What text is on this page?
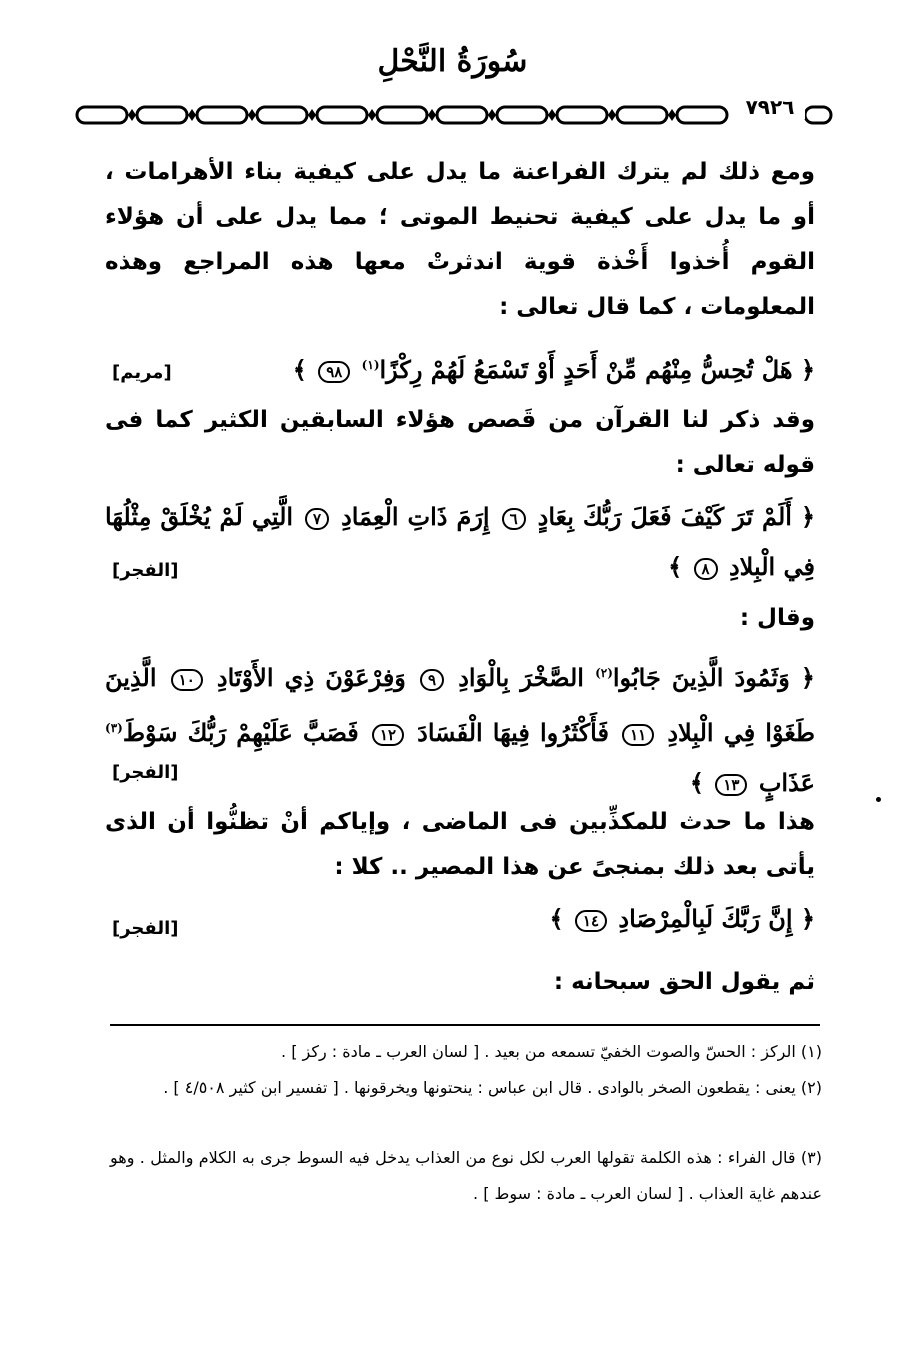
سُورَةُ النَّحْلِ
٧٩٢٦
ومع ذلك لم يترك الفراعنة ما يدل على كيفية بناء الأهرامات ، أو ما يدل على كيفية تحنيط الموتى ؛ مما يدل على أن هؤلاء القوم أُخذوا أَخْذة قوية اندثرتْ معها هذه المراجع وهذه المعلومات ، كما قال تعالى :
﴿ هَلْ تُحِسُّ مِنْهُم مِّنْ أَحَدٍ أَوْ تَسْمَعُ لَهُمْ رِكْزًا$^{(١)}$ ٩٨ ﴾
[مريم]
وقد ذكر لنا القرآن من قَصص هؤلاء السابقين الكثير كما فى قوله تعالى :
﴿ أَلَمْ تَرَ كَيْفَ فَعَلَ رَبُّكَ بِعَادٍ ٦ إِرَمَ ذَاتِ الْعِمَادِ ٧ الَّتِي لَمْ يُخْلَقْ مِثْلُهَا فِي الْبِلادِ ٨ ﴾
[الفجر]
وقال :
﴿ وَثَمُودَ الَّذِينَ جَابُوا$^{(٢)}$ الصَّخْرَ بِالْوَادِ ٩ وَفِرْعَوْنَ ذِي الأَوْتَادِ ١٠ الَّذِينَ طَغَوْا فِي الْبِلادِ ١١ فَأَكْثَرُوا فِيهَا الْفَسَادَ ١٢ فَصَبَّ عَلَيْهِمْ رَبُّكَ سَوْطَ$^{(٣)}$ عَذَابٍ ١٣ ﴾
[الفجر]
هذا ما حدث للمكذِّبين فى الماضى ، وإياكم أنْ تظنُّوا أن الذى يأتى بعد ذلك بمنجىً عن هذا المصير .. كلا :
﴿ إِنَّ رَبَّكَ لَبِالْمِرْصَادِ ١٤ ﴾
[الفجر]
ثم يقول الحق سبحانه :
(١) الركز : الحسّ والصوت الخفيّ تسمعه من بعيد . [ لسان العرب ـ مادة : ركز ] .
(٢) يعنى : يقطعون الصخر بالوادى . قال ابن عباس : ينحتونها ويخرقونها . [ تفسير ابن كثير ٤/٥٠٨ ] .
(٣) قال الفراء : هذه الكلمة تقولها العرب لكل نوع من العذاب يدخل فيه السوط جرى به الكلام والمثل . وهو عندهم غاية العذاب . [ لسان العرب ـ مادة : سوط ] .
